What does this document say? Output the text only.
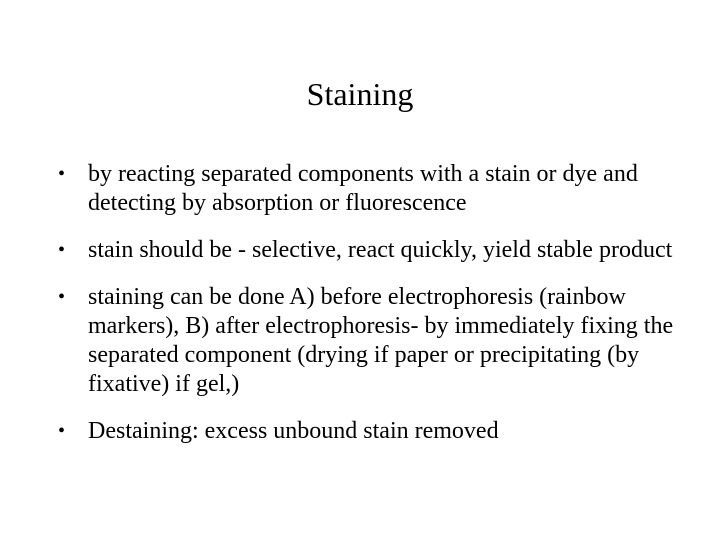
Staining
• by reacting separated components with a stain or dye and detecting by absorption or fluorescence
• stain should be - selective, react quickly, yield stable product
• staining can be done A) before electrophoresis (rainbow markers), B) after electrophoresis- by immediately fixing the separated component (drying if paper or precipitating (by fixative) if gel,)
• Destaining: excess unbound stain removed
